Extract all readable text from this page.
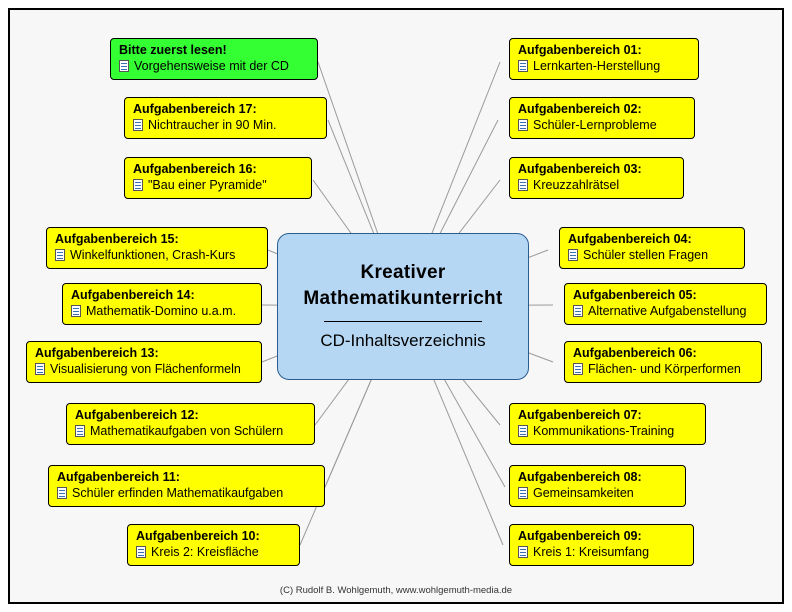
Bitte zuerst lesen!
Vorgehensweise mit der CD
Aufgabenbereich 17:
Nichtraucher in 90 Min.
Aufgabenbereich 16:
"Bau einer Pyramide"
Aufgabenbereich 15:
Winkelfunktionen, Crash-Kurs
Aufgabenbereich 14:
Mathematik-Domino u.a.m.
Aufgabenbereich 13:
Visualisierung von Flächenformeln
Aufgabenbereich 12:
Mathematikaufgaben von Schülern
Aufgabenbereich 11:
Schüler erfinden Mathematikaufgaben
Aufgabenbereich 10:
Kreis 2: Kreisfläche
Aufgabenbereich 01:
Lernkarten-Herstellung
Aufgabenbereich 02:
Schüler-Lernprobleme
Aufgabenbereich 03:
Kreuzzahlrätsel
Aufgabenbereich 04:
Schüler stellen Fragen
Aufgabenbereich 05:
Alternative Aufgabenstellung
Aufgabenbereich 06:
Flächen- und Körperformen
Aufgabenbereich 07:
Kommunikations-Training
Aufgabenbereich 08:
Gemeinsamkeiten
Aufgabenbereich 09:
Kreis 1: Kreisumfang
Kreativer
Mathematikunterricht
CD-Inhaltsverzeichnis
(C) Rudolf B. Wohlgemuth, www.wohlgemuth-media.de
